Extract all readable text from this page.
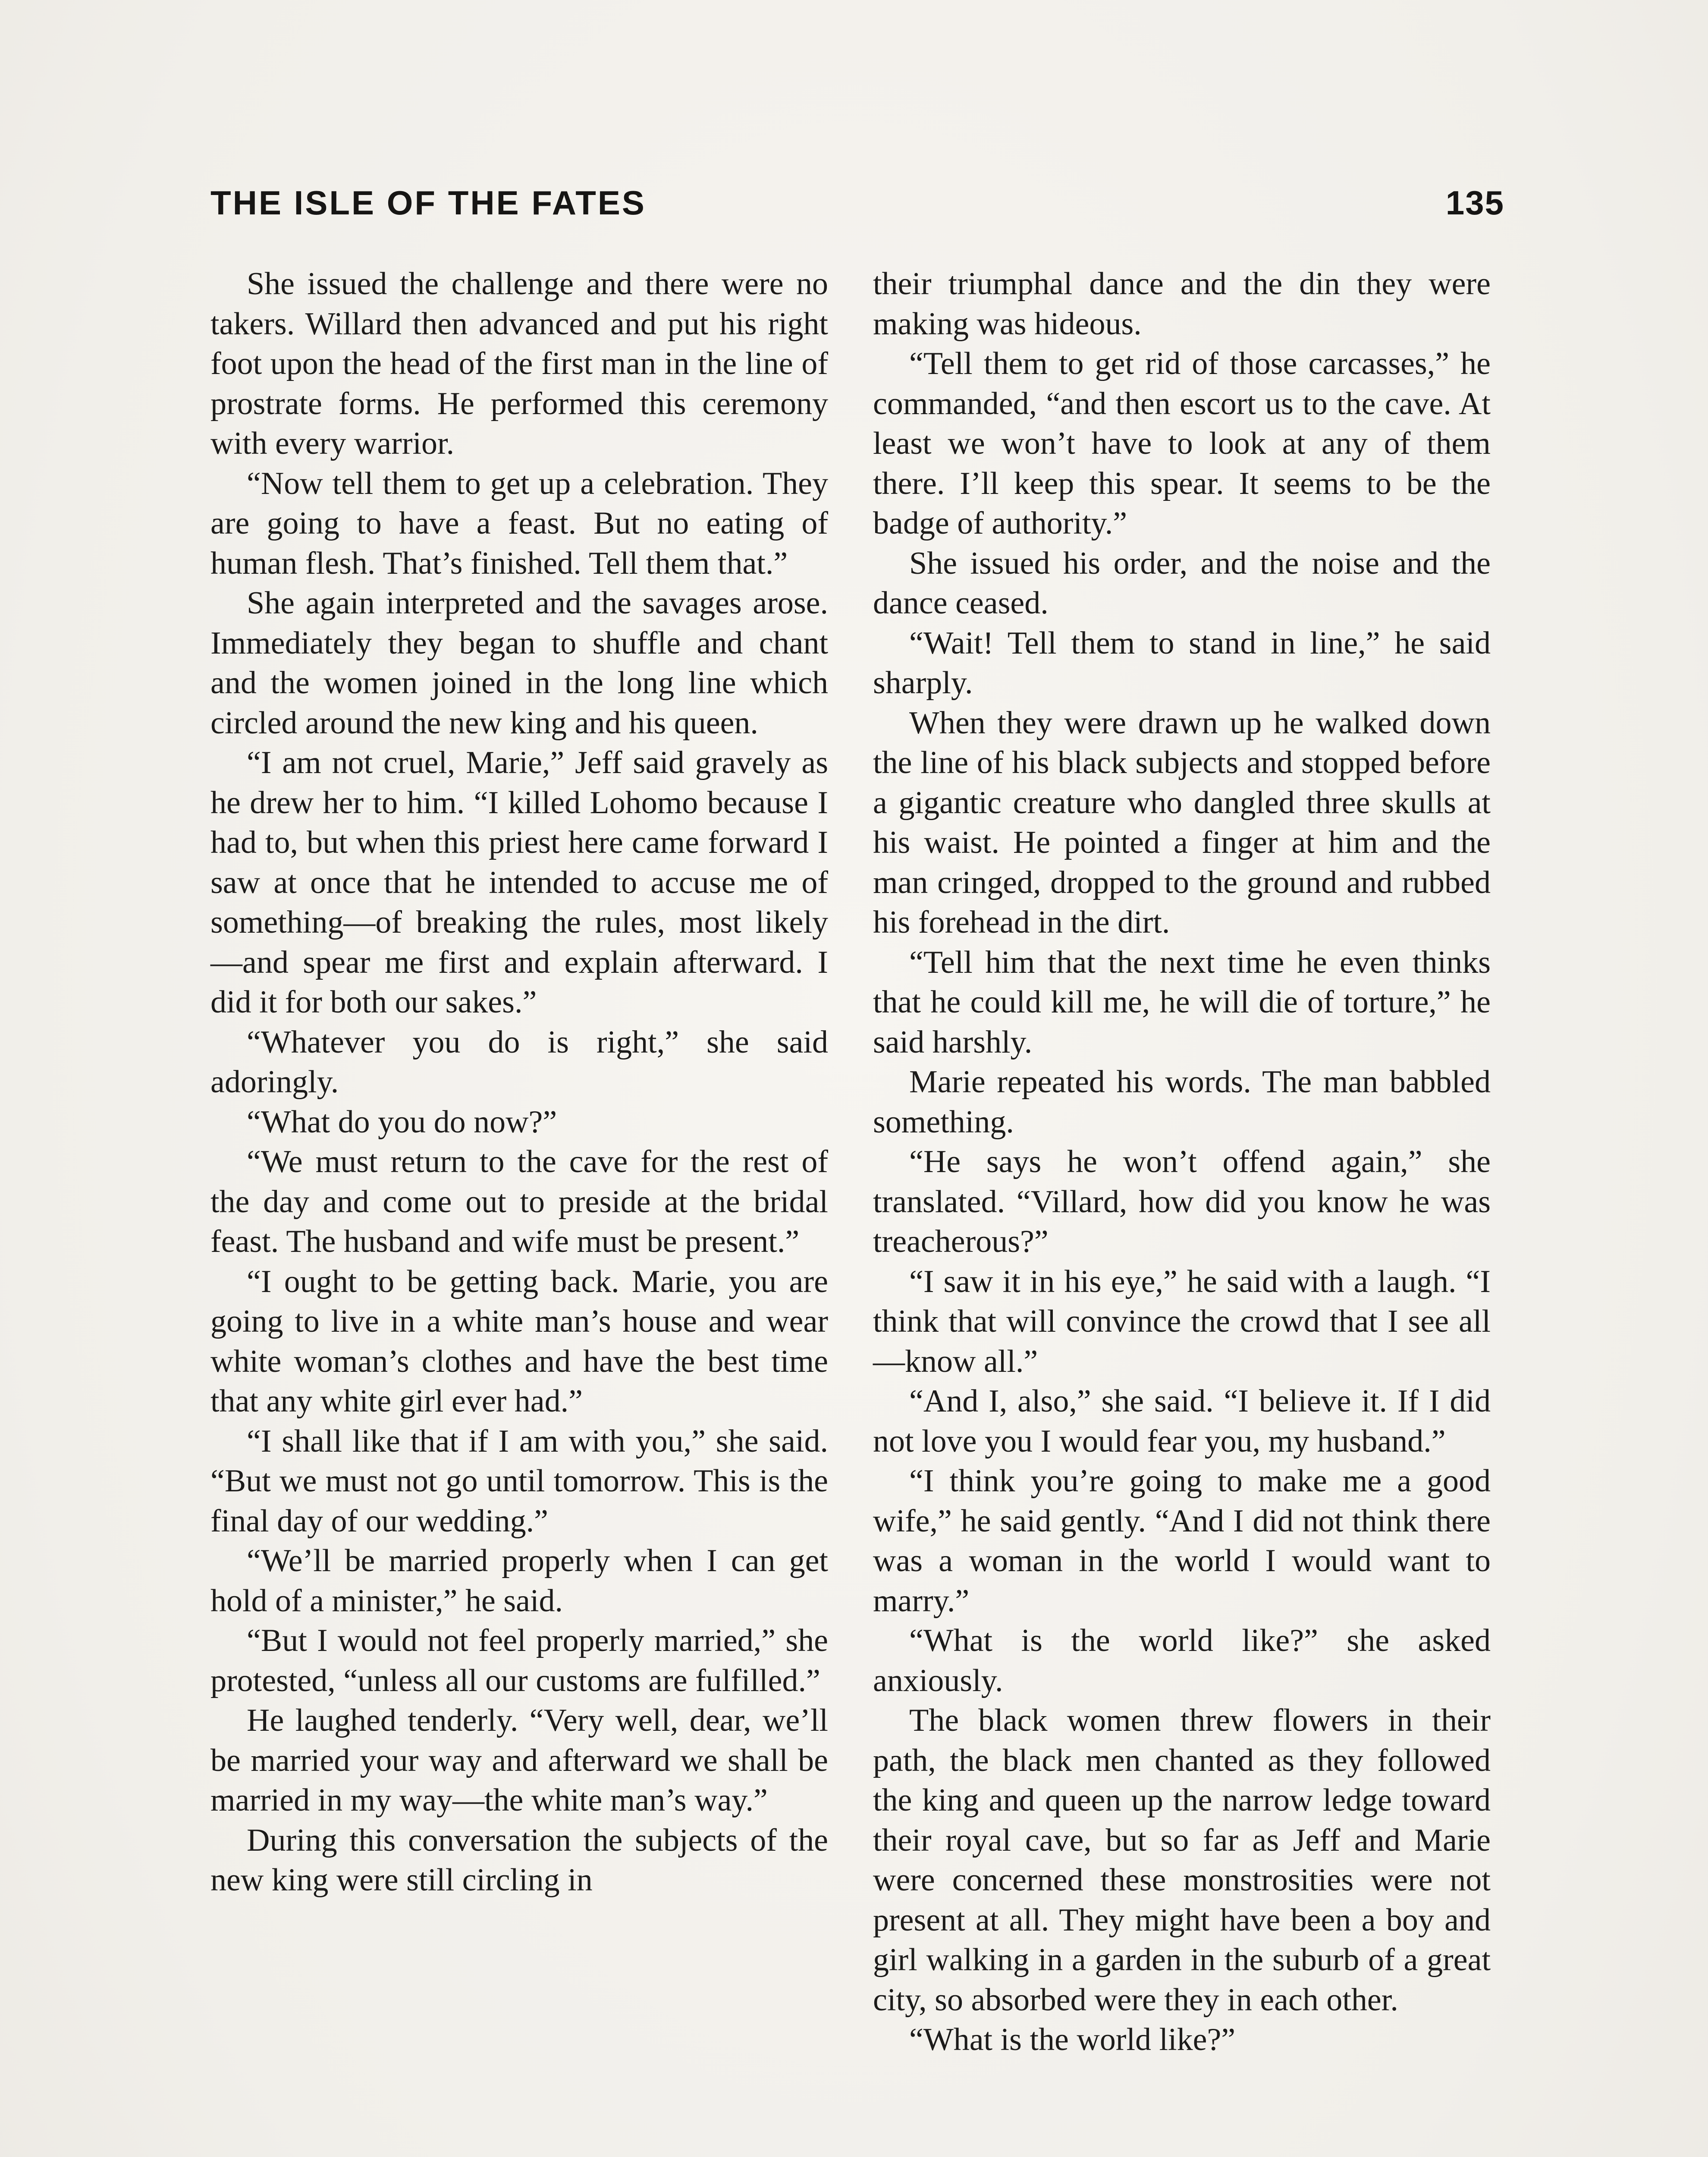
THE ISLE OF THE FATES	135

She issued the challenge and there were no takers. Willard then advanced and put his right foot upon the head of the first man in the line of prostrate forms. He performed this ceremony with every warrior.

“Now tell them to get up a celebration. They are going to have a feast. But no eating of human flesh. That’s finished. Tell them that.”

She again interpreted and the savages arose. Immediately they began to shuffle and chant and the women joined in the long line which circled around the new king and his queen.

“I am not cruel, Marie,” Jeff said gravely as he drew her to him. “I killed Lohomo because I had to, but when this priest here came forward I saw at once that he intended to accuse me of something—of breaking the rules, most likely—and spear me first and explain afterward. I did it for both our sakes.”

“Whatever you do is right,” she said adoringly.

“What do you do now?”

“We must return to the cave for the rest of the day and come out to preside at the bridal feast. The husband and wife must be present.”

“I ought to be getting back. Marie, you are going to live in a white man’s house and wear white woman’s clothes and have the best time that any white girl ever had.”

“I shall like that if I am with you,” she said. “But we must not go until tomorrow. This is the final day of our wedding.”

“We’ll be married properly when I can get hold of a minister,” he said.

“But I would not feel properly married,” she protested, “unless all our customs are fulfilled.”

He laughed tenderly. “Very well, dear, we’ll be married your way and afterward we shall be married in my way—the white man’s way.”

During this conversation the subjects of the new king were still circling in

their triumphal dance and the din they were making was hideous.

“Tell them to get rid of those carcasses,” he commanded, “and then escort us to the cave. At least we won’t have to look at any of them there. I’ll keep this spear. It seems to be the badge of authority.”

She issued his order, and the noise and the dance ceased.

“Wait! Tell them to stand in line,” he said sharply.

When they were drawn up he walked down the line of his black subjects and stopped before a gigantic creature who dangled three skulls at his waist. He pointed a finger at him and the man cringed, dropped to the ground and rubbed his forehead in the dirt.

“Tell him that the next time he even thinks that he could kill me, he will die of torture,” he said harshly.

Marie repeated his words. The man babbled something.

“He says he won’t offend again,” she translated. “Villard, how did you know he was treacherous?”

“I saw it in his eye,” he said with a laugh. “I think that will convince the crowd that I see all—know all.”

“And I, also,” she said. “I believe it. If I did not love you I would fear you, my husband.”

“I think you’re going to make me a good wife,” he said gently. “And I did not think there was a woman in the world I would want to marry.”

“What is the world like?” she asked anxiously.

The black women threw flowers in their path, the black men chanted as they followed the king and queen up the narrow ledge toward their royal cave, but so far as Jeff and Marie were concerned these monstrosities were not present at all. They might have been a boy and girl walking in a garden in the suburb of a great city, so absorbed were they in each other.

“What is the world like?”
